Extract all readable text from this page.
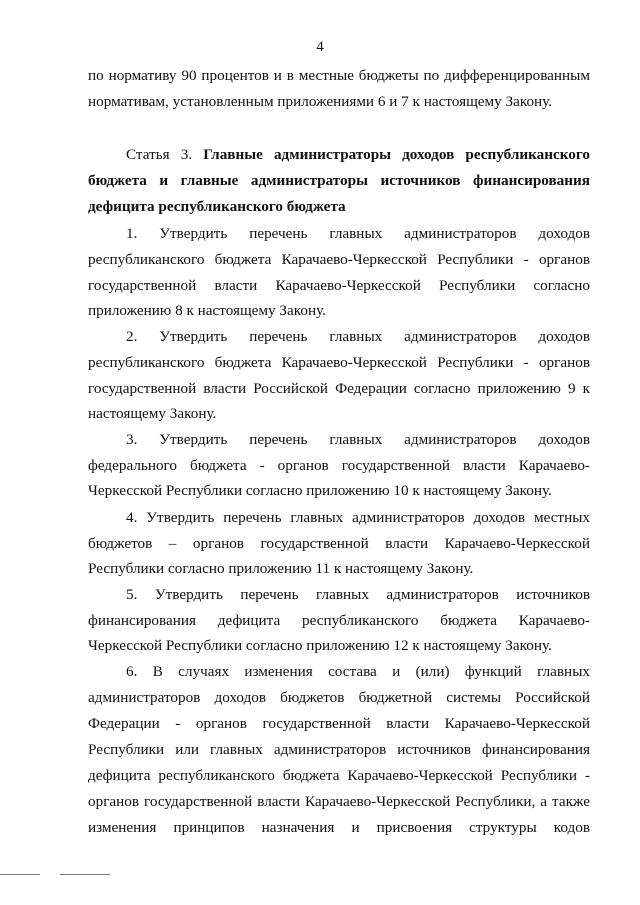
4
по нормативу 90 процентов и в местные бюджеты по дифференцированным
нормативам, установленным приложениями 6 и 7 к настоящему Закону.
Статья 3. Главные администраторы доходов республиканского
бюджета и главные администраторы источников финансирования
дефицита республиканского бюджета
1. Утвердить перечень главных администраторов доходов
республиканского бюджета Карачаево-Черкесской Республики - органов
государственной власти Карачаево-Черкесской Республики согласно
приложению 8 к настоящему Закону.
2. Утвердить перечень главных администраторов доходов
республиканского бюджета Карачаево-Черкесской Республики - органов
государственной власти Российской Федерации согласно приложению 9 к
настоящему Закону.
3. Утвердить перечень главных администраторов доходов
федерального бюджета - органов государственной власти Карачаево-
Черкесской Республики согласно приложению 10 к настоящему Закону.
4. Утвердить перечень главных администраторов доходов местных
бюджетов – органов государственной власти Карачаево-Черкесской
Республики согласно приложению 11 к настоящему Закону.
5. Утвердить перечень главных администраторов источников
финансирования дефицита республиканского бюджета Карачаево-
Черкесской Республики согласно приложению 12 к настоящему Закону.
6. В случаях изменения состава и (или) функций главных
администраторов доходов бюджетов бюджетной системы Российской
Федерации - органов государственной власти Карачаево-Черкесской
Республики или главных администраторов источников финансирования
дефицита республиканского бюджета Карачаево-Черкесской Республики -
органов государственной власти Карачаево-Черкесской Республики, а также
изменения принципов назначения и присвоения структуры кодов
